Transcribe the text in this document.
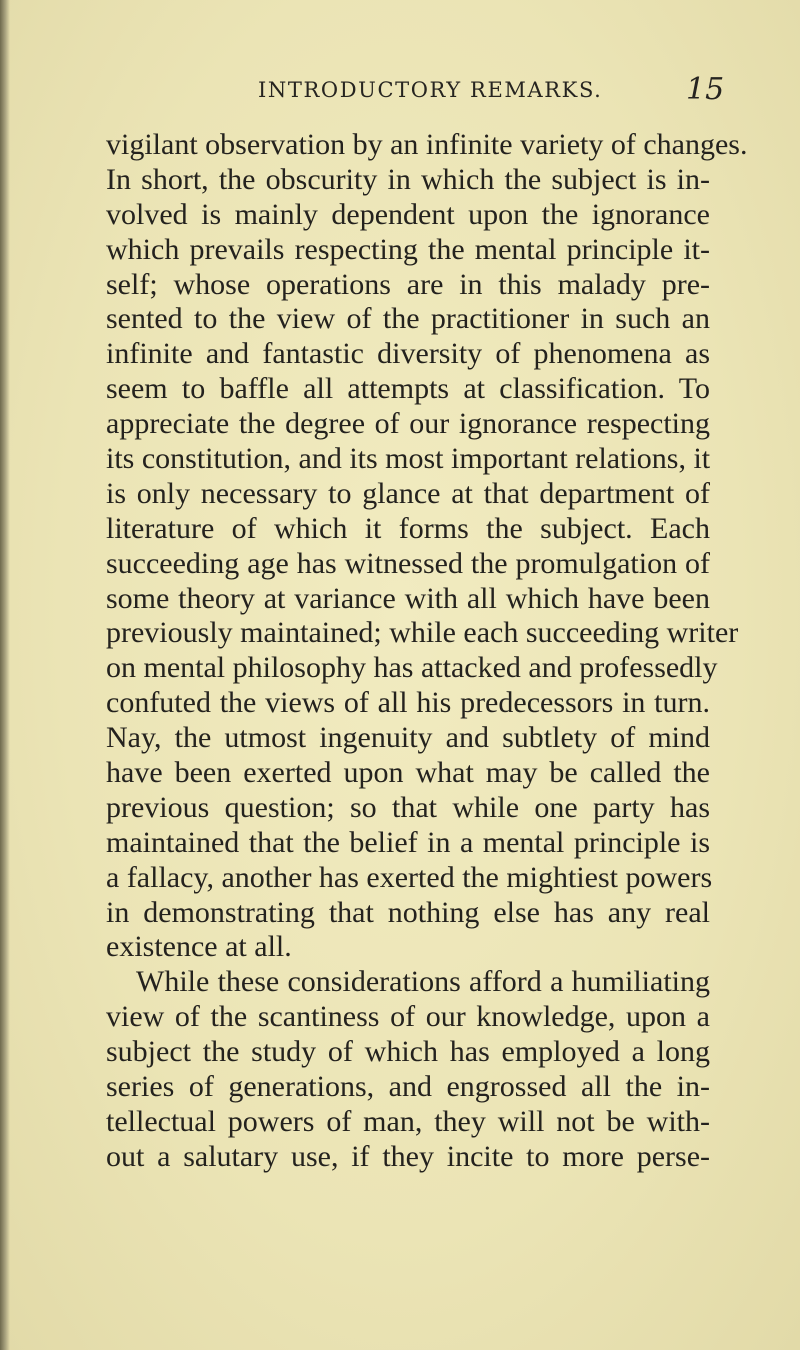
INTRODUCTORY REMARKS.	15
vigilant observation by an infinite variety of changes.
In short, the obscurity in which the subject is in-
volved is mainly dependent upon the ignorance
which prevails respecting the mental principle it-
self; whose operations are in this malady pre-
sented to the view of the practitioner in such an
infinite and fantastic diversity of phenomena as
seem to baffle all attempts at classification. To
appreciate the degree of our ignorance respecting
its constitution, and its most important relations, it
is only necessary to glance at that department of
literature of which it forms the subject. Each
succeeding age has witnessed the promulgation of
some theory at variance with all which have been
previously maintained; while each succeeding writer
on mental philosophy has attacked and professedly
confuted the views of all his predecessors in turn.
Nay, the utmost ingenuity and subtlety of mind
have been exerted upon what may be called the
previous question; so that while one party has
maintained that the belief in a mental principle is
a fallacy, another has exerted the mightiest powers
in demonstrating that nothing else has any real
existence at all.
While these considerations afford a humiliating
view of the scantiness of our knowledge, upon a
subject the study of which has employed a long
series of generations, and engrossed all the in-
tellectual powers of man, they will not be with-
out a salutary use, if they incite to more perse-
